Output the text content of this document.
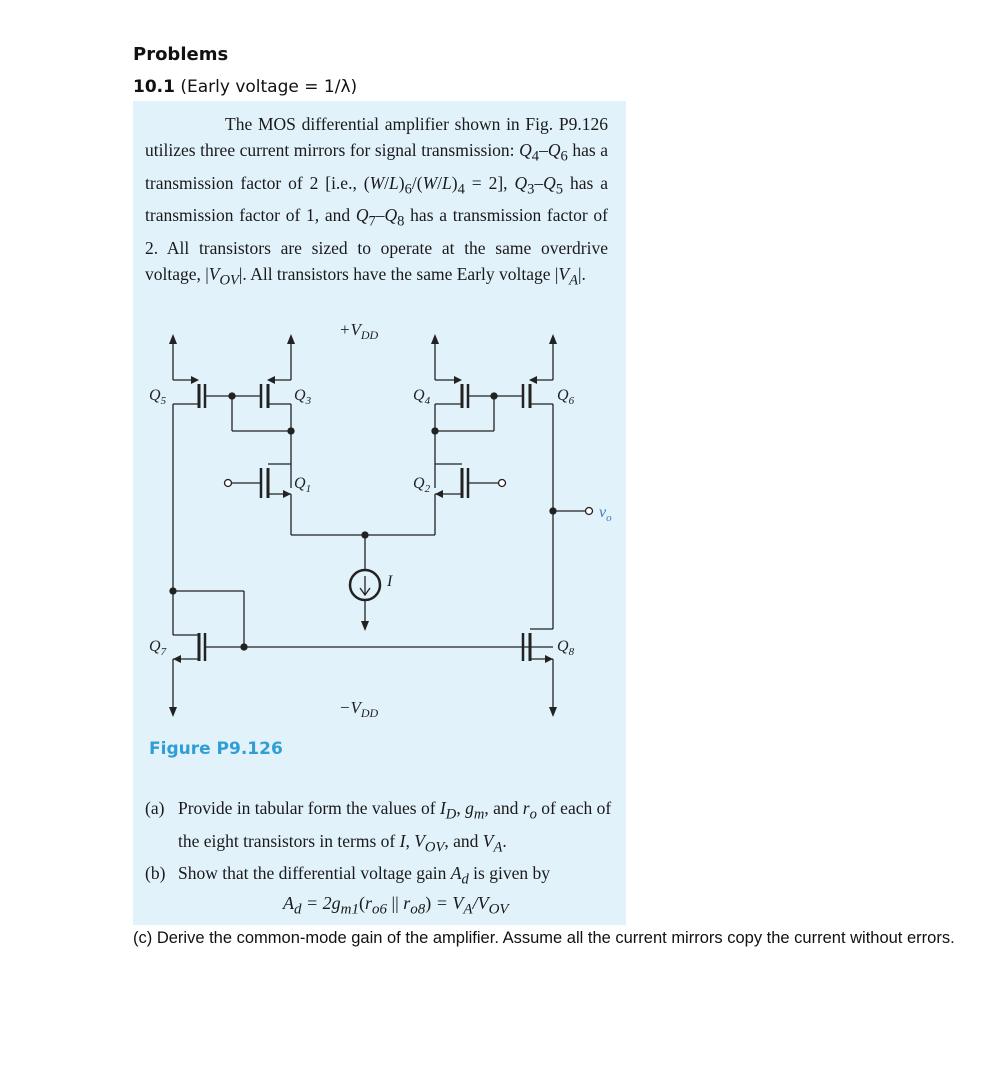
Problems
10.1 (Early voltage = 1/λ)

The MOS differential amplifier shown in Fig. P9.126 utilizes three current mirrors for signal transmission: $Q_4-Q_6$ has a transmission factor of 2 [i.e., $(W/L)_6/(W/L)_4 = 2$], $Q_3-Q_5$ has a transmission factor of 1, and $Q_7-Q_8$ has a transmission factor of 2. All transistors are sized to operate at the same overdrive voltage, $|V_{OV}|$. All transistors have the same Early voltage $|V_A|$.

$+V_{DD}$
$-V_{DD}$
$Q_5$	$Q_3$	$Q_4$	$Q_6$
$Q_1$	$Q_2$
$Q_7$	$Q_8$
I
$v_o$
Figure P9.126
(a) Provide in tabular form the values of $I_D$, $g_m$, and $r_o$ of each of the eight transistors in terms of I, $V_{OV}$, and $V_A$.
(b) Show that the differential voltage gain $A_d$ is given by
$A_d = 2g_{m1}(r_{o6}$ || $r_{o8}) = V_A/V_{OV}$
(c) Derive the common-mode gain of the amplifier. Assume all the current mirrors copy the current without errors.
